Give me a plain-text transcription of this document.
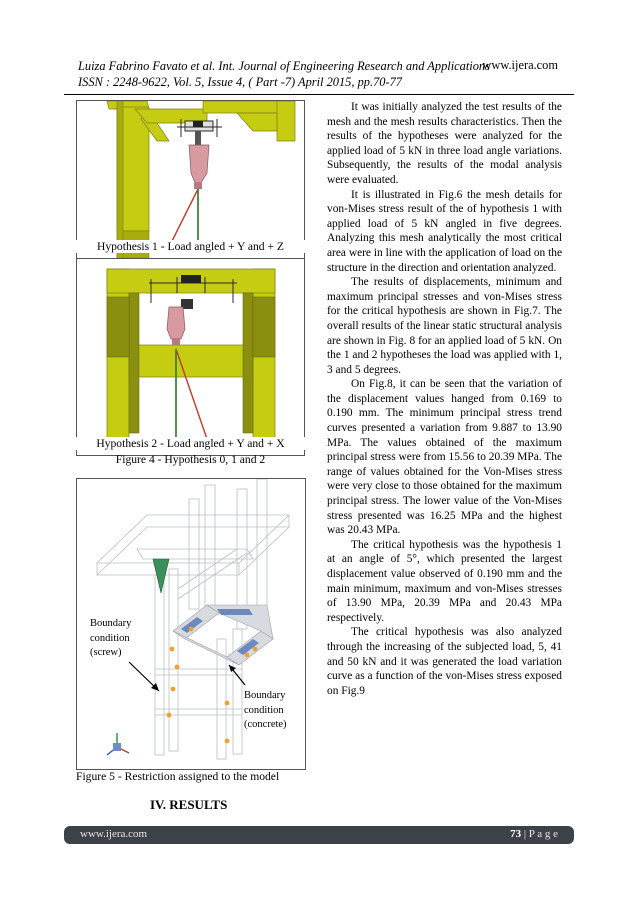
Luiza Fabrino Favato et al. Int. Journal of Engineering Research and Applications
ISSN : 2248-9622, Vol. 5, Issue 4, ( Part -7) April 2015, pp.70-77
www.ijera.com
Hypothesis 1 - Load angled + Y and + Z
Hypothesis 2 - Load angled + Y and + X
Figure 4 - Hypothesis 0, 1 and 2
Boundary
condition
(screw)
Boundary
condition
(concrete)
Figure 5 - Restriction assigned to the model
IV. RESULTS

It was initially analyzed the test results of the mesh and the mesh results characteristics. Then the results of the hypotheses were analyzed for the applied load of 5 kN in three load angle variations. Subsequently, the results of the modal analysis were evaluated.

It is illustrated in Fig.6 the mesh details for von-Mises stress result of the of hypothesis 1 with applied load of 5 kN angled in five degrees. Analyzing this mesh analytically the most critical area were in line with the application of load on the structure in the direction and orientation analyzed.

The results of displacements, minimum and maximum principal stresses and von-Mises stress for the critical hypothesis are shown in Fig.7. The overall results of the linear static structural analysis are shown in Fig. 8 for an applied load of 5 kN. On the 1 and 2 hypotheses the load was applied with 1, 3 and 5 degrees.

On Fig.8, it can be seen that the variation of the displacement values hanged from 0.169 to 0.190 mm. The minimum principal stress trend curves presented a variation from 9.887 to 13.90 MPa. The values obtained of the maximum principal stress were from 15.56 to 20.39 MPa. The range of values obtained for the Von-Mises stress were very close to those obtained for the maximum principal stress. The lower value of the Von-Mises stress presented was 16.25 MPa and the highest was 20.43 MPa.

The critical hypothesis was the hypothesis 1 at an angle of 5°, which presented the largest displacement value observed of 0.190 mm and the main minimum, maximum and von-Mises stresses of 13.90 MPa, 20.39 MPa and 20.43 MPa respectively.

The critical hypothesis was also analyzed through the increasing of the subjected load, 5, 41 and 50 kN and it was generated the load variation curve as a function of the von-Mises stress exposed on Fig.9

www.ijera.com	73 | P a g e
